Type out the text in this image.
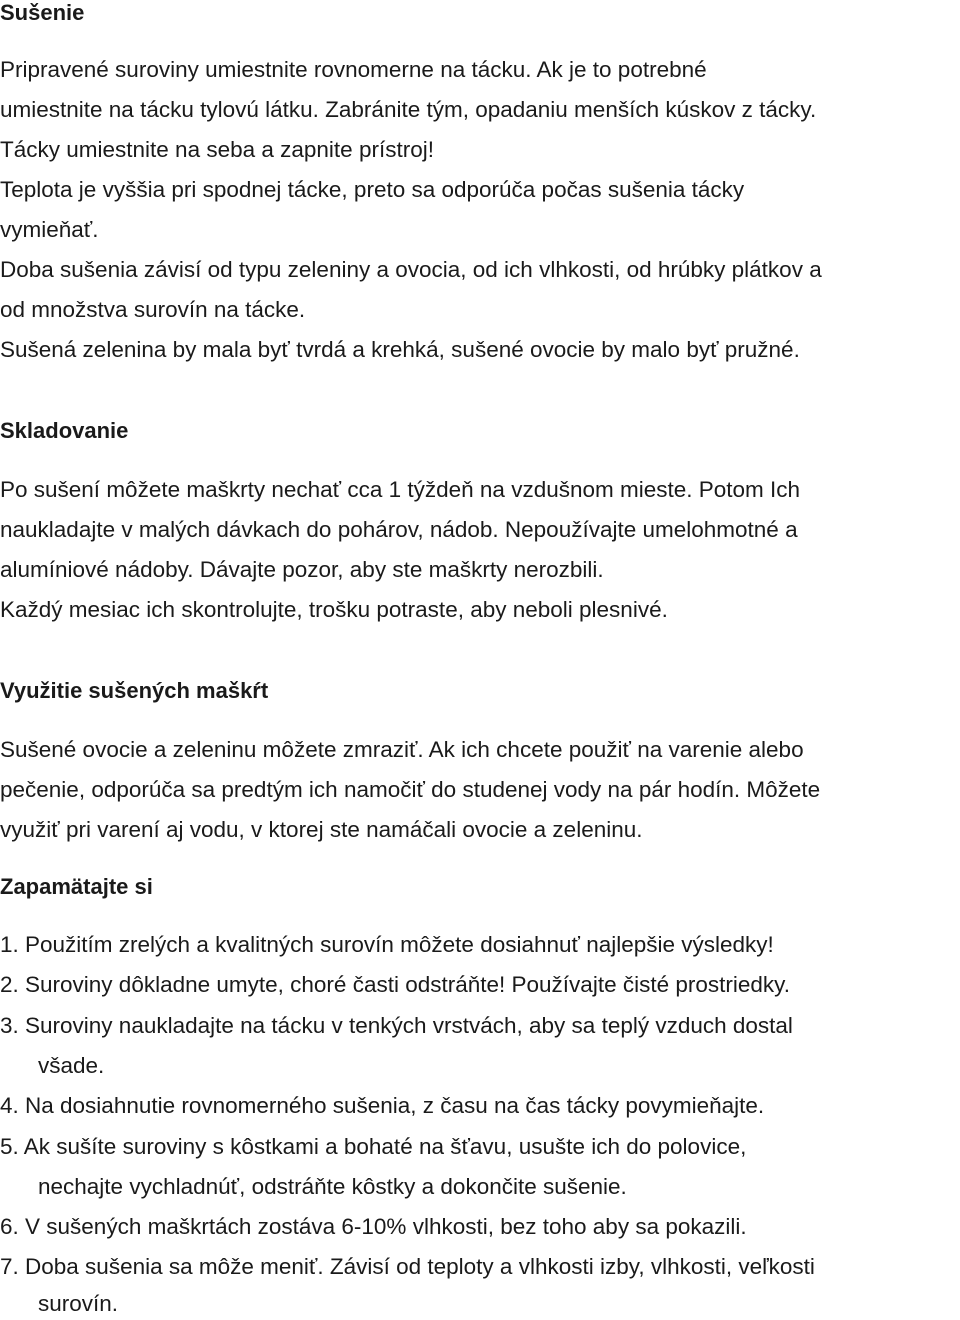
Sušenie

Pripravené suroviny umiestnite rovnomerne na tácku. Ak je to potrebné

umiestnite na tácku tylovú látku. Zabránite tým, opadaniu menších kúskov z tácky.

Tácky umiestnite na seba a zapnite prístroj!

Teplota je vyššia pri spodnej tácke, preto sa odporúča počas sušenia tácky

vymieňať.

Doba sušenia závisí od typu zeleniny a ovocia, od ich vlhkosti, od hrúbky plátkov a

od množstva surovín na tácke.

Sušená zelenina by mala byť tvrdá a krehká, sušené ovocie by malo byť pružné.

Skladovanie

Po sušení môžete maškrty nechať cca 1 týždeň na vzdušnom mieste. Potom Ich

naukladajte v malých dávkach do pohárov, nádob. Nepoužívajte umelohmotné a

alumíniové nádoby. Dávajte pozor, aby ste maškrty nerozbili.

Každý mesiac ich skontrolujte, trošku potraste, aby neboli plesnivé.

Využitie sušených maškŕt

Sušené ovocie a zeleninu môžete zmraziť. Ak ich chcete použiť na varenie alebo

pečenie, odporúča sa predtým ich namočiť do studenej vody na pár hodín. Môžete

využiť pri varení aj vodu, v ktorej ste namáčali ovocie a zeleninu.

Zapamätajte si

1. Použitím zrelých a kvalitných surovín môžete dosiahnuť najlepšie výsledky!

2. Suroviny dôkladne umyte, choré časti odstráňte! Používajte čisté prostriedky.

3. Suroviny naukladajte na tácku v tenkých vrstvách, aby sa teplý vzduch dostal

všade.

4. Na dosiahnutie rovnomerného sušenia, z času na čas tácky povymieňajte.

5. Ak sušíte suroviny s kôstkami a bohaté na šťavu, usušte ich do polovice,

nechajte vychladnúť, odstráňte kôstky a dokončite sušenie.

6. V sušených maškrtách zostáva 6-10% vlhkosti, bez toho aby sa pokazili.

7. Doba sušenia sa môže meniť. Závisí od teploty a vlhkosti izby, vlhkosti, veľkosti

surovín.
